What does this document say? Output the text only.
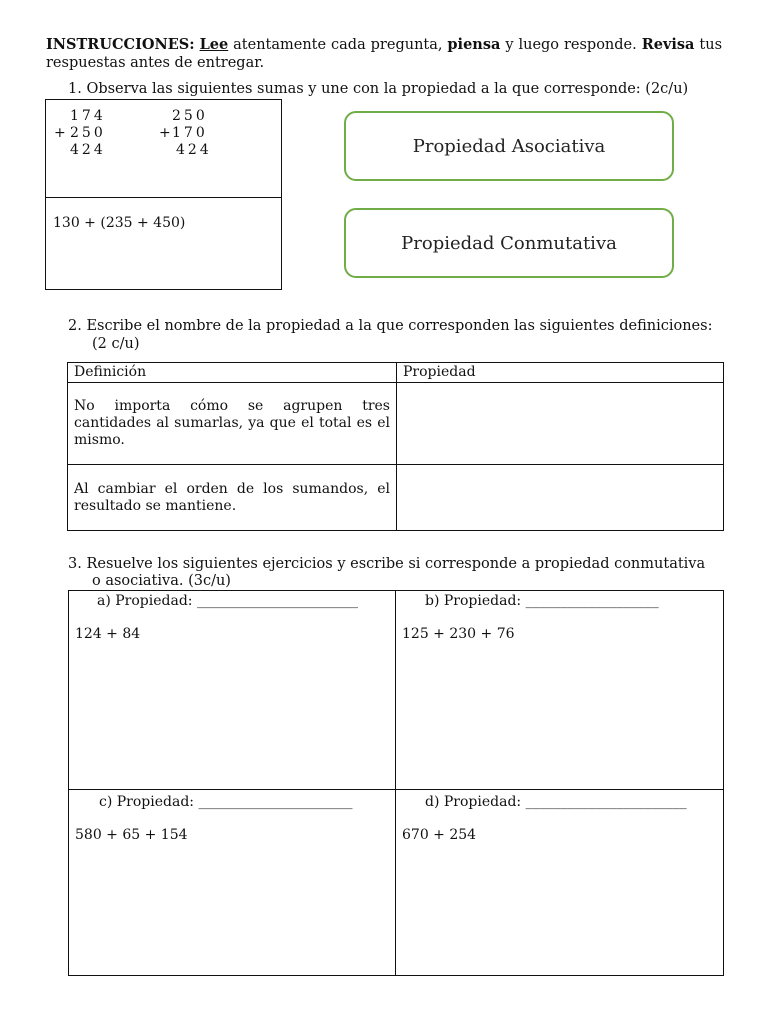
INSTRUCCIONES: Lee atentamente cada pregunta, piensa y luego responde. Revisa tus respuestas antes de entregar.
1. Observa las siguientes sumas y une con la propiedad a la que corresponde: (2c/u)
174
+ 250
424
250
+
170
424
130 + (235 + 450)
Propiedad Asociativa
Propiedad Conmutativa
2. Escribe el nombre de la propiedad a la que corresponden las siguientes definiciones:
(2 c/u)
Definición	Propiedad
No importa cómo se agrupen tres cantidades al sumarlas, ya que el total es el mismo.	
Al cambiar el orden de los sumandos, el resultado se mantiene.	
3. Resuelve los siguientes ejercicios y escribe si corresponde a propiedad conmutativa
o asociativa. (3c/u)
a) Propiedad: _______________________
124 + 84
b) Propiedad: ___________________
125 + 230 + 76
c) Propiedad: ______________________
580 + 65 + 154
d) Propiedad: _______________________
670 + 254
